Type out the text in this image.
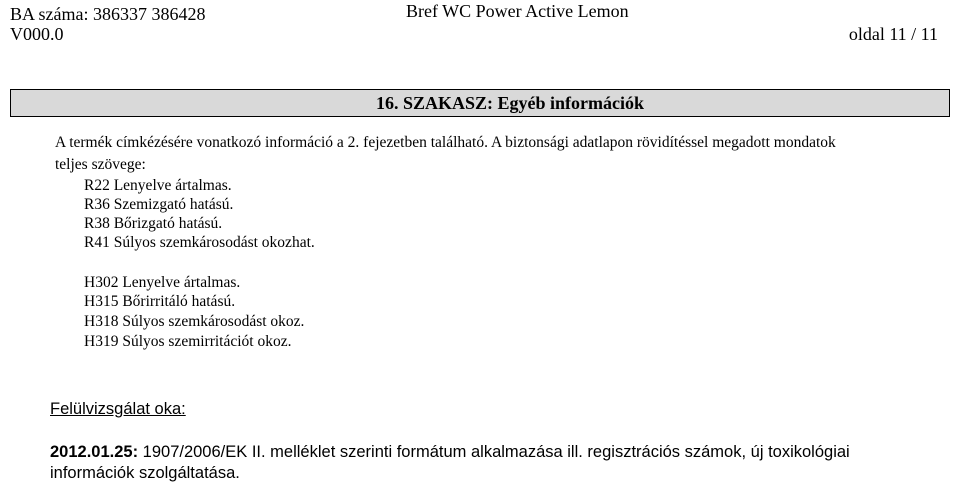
BA száma: 386337 386428
V000.0
Bref WC Power Active Lemon
oldal 11 / 11
16. SZAKASZ: Egyéb információk
A termék címkézésére vonatkozó információ a 2. fejezetben található. A biztonsági adatlapon rövidítéssel megadott mondatok
teljes szövege:
R22 Lenyelve ártalmas.
R36 Szemizgató hatású.
R38 Bőrizgató hatású.
R41 Súlyos szemkárosodást okozhat.
H302 Lenyelve ártalmas.
H315 Bőrirritáló hatású.
H318 Súlyos szemkárosodást okoz.
H319 Súlyos szemirritációt okoz.
Felülvizsgálat oka:
2012.01.25: 1907/2006/EK II. melléklet szerinti formátum alkalmazása ill. regisztrációs számok, új toxikológiai
információk szolgáltatása.
